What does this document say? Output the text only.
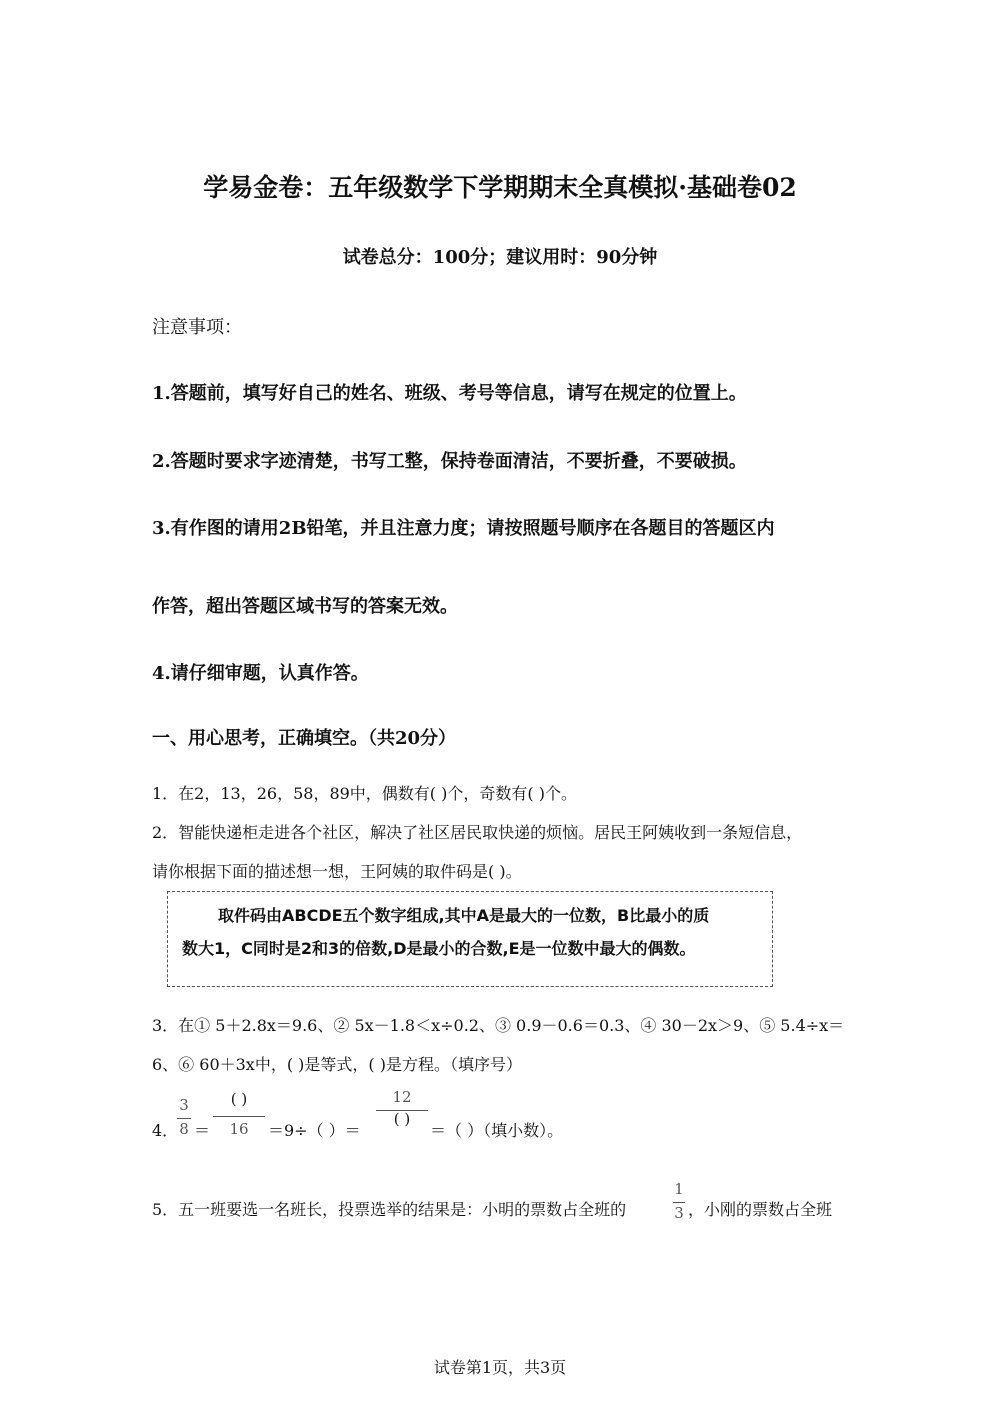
学易金卷：五年级数学下学期期末全真模拟·基础卷02
试卷总分：100分；建议用时：90分钟
注意事项：
1.答题前，填写好自己的姓名、班级、考号等信息，请写在规定的位置上。
2.答题时要求字迹清楚，书写工整，保持卷面清洁，不要折叠，不要破损。
3.有作图的请用2B铅笔，并且注意力度；请按照题号顺序在各题目的答题区内
作答，超出答题区域书写的答案无效。
4.请仔细审题，认真作答。
一、用心思考，正确填空。（共20分）
1．在2，13，26，58，89中，偶数有( )个，奇数有( )个。
2．智能快递柜走进各个社区，解决了社区居民取快递的烦恼。居民王阿姨收到一条短信息，
请你根据下面的描述想一想，王阿姨的取件码是( )。
取件码由ABCDE五个数字组成,其中A是最大的一位数，B比最小的质
数大1，C同时是2和3的倍数,D是最小的合数,E是一位数中最大的偶数。
3．在① 5＋2.8x＝9.6、② 5x－1.8＜x÷0.2、③ 0.9－0.6＝0.3、④ 30－2x＞9、⑤ 5.4÷x＝
6、⑥ 60＋3x中，( )是等式，( )是方程。（填序号）
4．
3
8 ＝
( )
16	＝9÷（ ）＝
12
( )
＝（ ）（填小数）。
5．五一班要选一名班长，投票选举的结果是：小明的票数占全班的
1
3 ，小刚的票数占全班
试卷第1页，共3页
